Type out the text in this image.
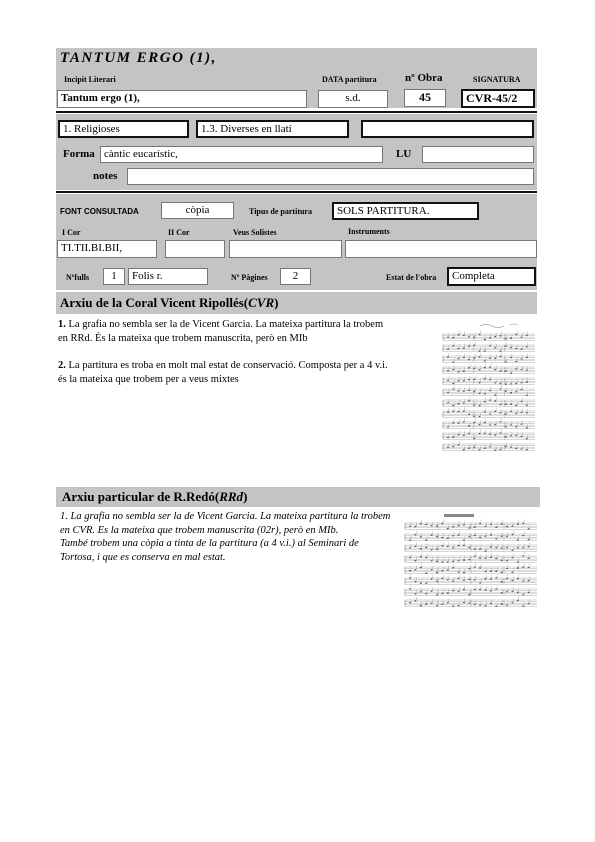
TANTUM ERGO (1),
Incipit Literari	DATA partitura	nº Obra	SIGNATURA
Tantum ergo (1),	s.d.	45	CVR-45/2
1. Religioses	1.3. Diverses en llatí
Forma càntic eucarístic,	LU
notes
FONT CONSULTADA	còpia	Tipus de partitura	SOLS PARTITURA.
I Cor	II Cor	Veus Solistes	Instruments
TI.TII.BI.BII,
Nºfulls	1	Folis r.	Nº Pàgines	2	Estat de l'obra	Completa
Arxiu de la Coral Vicent Ripollés(CVR)
1. La grafia no sembla ser la de Vicent Garcia. La mateixa partitura la trobem en RRd. És la mateixa que trobem manuscrita, però en MIb
2. La partitura es troba en molt mal estat de conservació. Composta per a 4 v.i. és la mateixa que trobem per a veus mixtes
Arxiu particular de R.Redó(RRd)
1. La grafia no sembla ser la de Vicent Garcia. La mateixa partitura la trobem en CVR. Es la mateixa que trobem manuscrita (02r), però en MIb.
També trobem una còpia a tinta de la partitura (a 4 v.i.) al Seminari de Tortosa, i que es conserva en mal estat.
